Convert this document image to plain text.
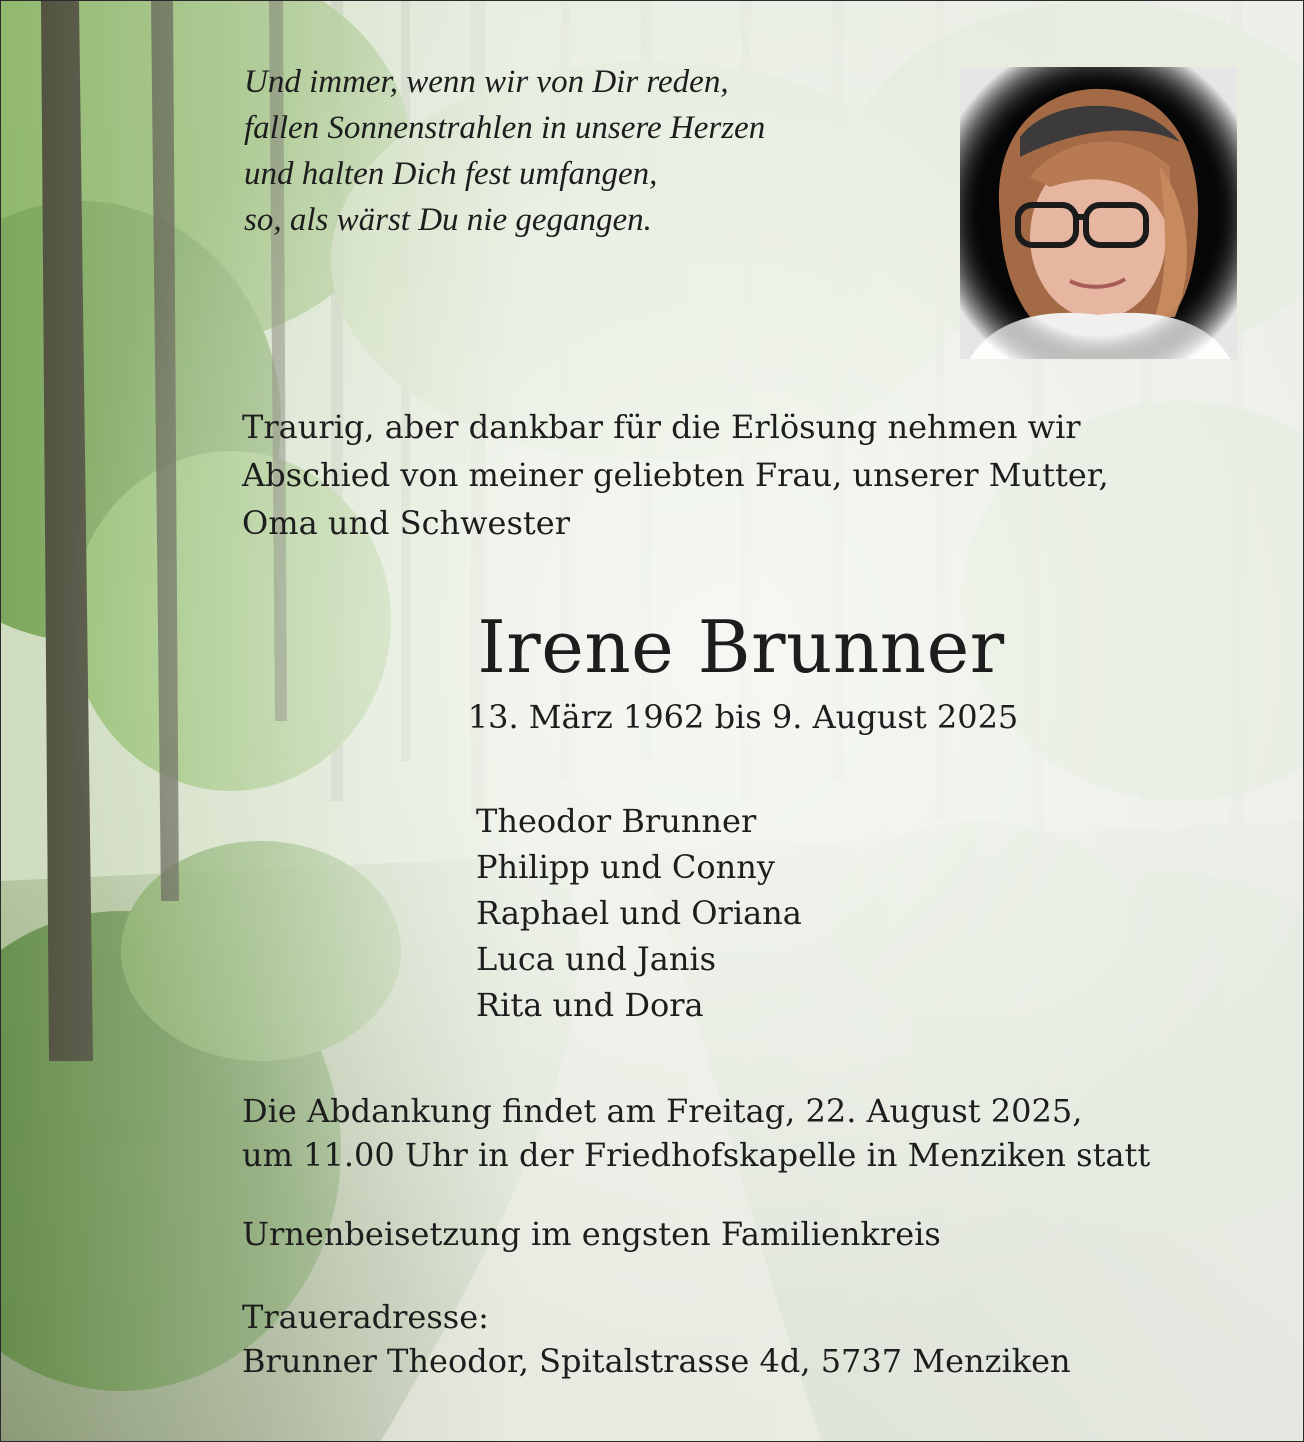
Und immer, wenn wir von Dir reden,
fallen Sonnenstrahlen in unsere Herzen
und halten Dich fest umfangen,
so, als wärst Du nie gegangen.
Traurig, aber dankbar für die Erlösung nehmen wir
Abschied von meiner geliebten Frau, unserer Mutter,
Oma und Schwester
Irene Brunner
13. März 1962 bis 9. August 2025
Theodor Brunner
Philipp und Conny
Raphael und Oriana
Luca und Janis
Rita und Dora
Die Abdankung findet am Freitag, 22. August 2025,
um 11.00 Uhr in der Friedhofskapelle in Menziken statt
Urnenbeisetzung im engsten Familienkreis
Traueradresse:
Brunner Theodor, Spitalstrasse 4d, 5737 Menziken
